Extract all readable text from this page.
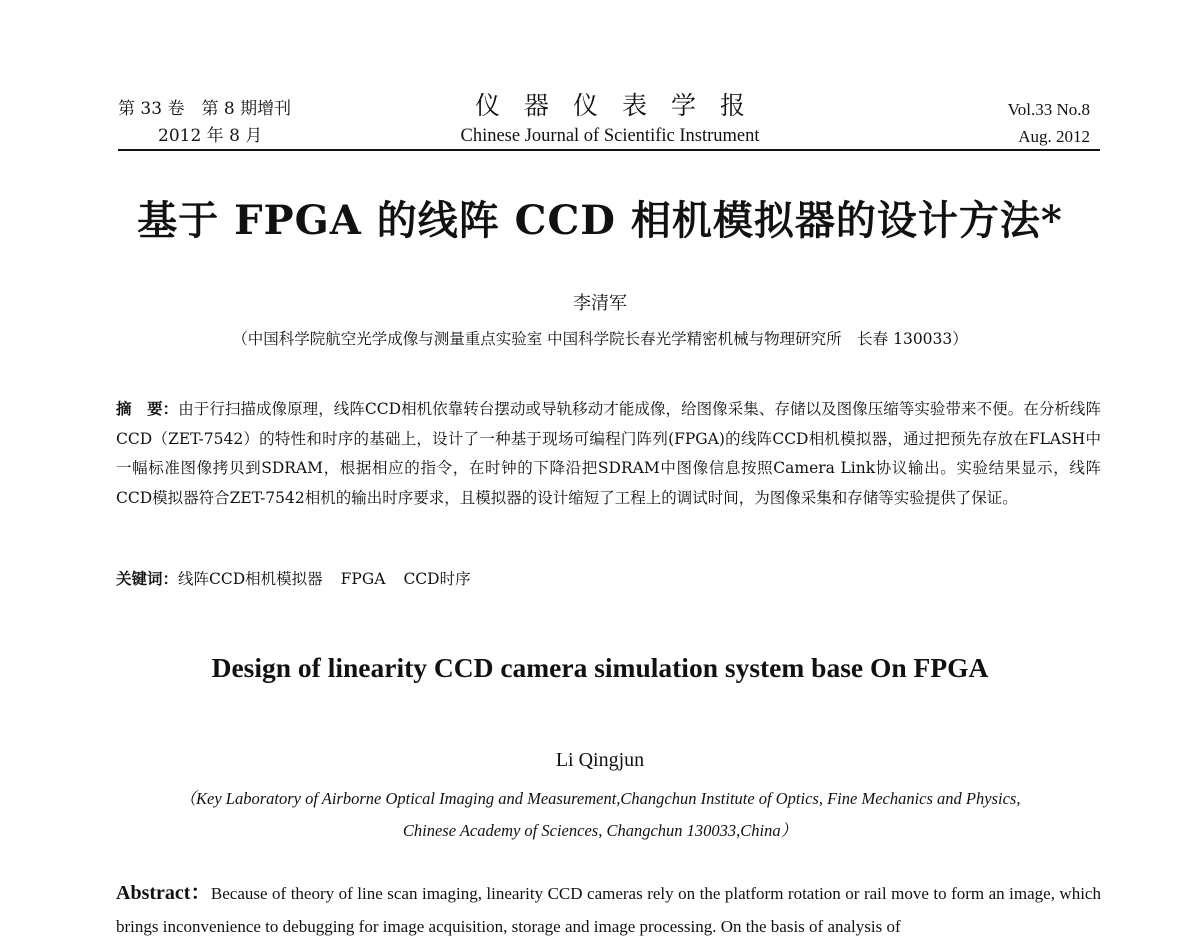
第 33 卷　第 8 期增刊
2012 年 8 月
仪器仪表学报
Chinese Journal of Scientific Instrument
Vol.33 No.8
Aug. 2012
基于 FPGA 的线阵 CCD 相机模拟器的设计方法*
李清军
（中国科学院航空光学成像与测量重点实验室 中国科学院长春光学精密机械与物理研究所　长春 130033）
摘　要：由于行扫描成像原理，线阵CCD相机依靠转台摆动或导轨移动才能成像，给图像采集、存储以及图像压缩等实验带来不便。在分析线阵CCD（ZET-7542）的特性和时序的基础上，设计了一种基于现场可编程门阵列(FPGA)的线阵CCD相机模拟器，通过把预先存放在FLASH中一幅标准图像拷贝到SDRAM，根据相应的指令，在时钟的下降沿把SDRAM中图像信息按照Camera Link协议输出。实验结果显示，线阵CCD模拟器符合ZET-7542相机的输出时序要求，且模拟器的设计缩短了工程上的调试时间，为图像采集和存储等实验提供了保证。
关键词：线阵CCD相机模拟器 FPGA CCD时序
Design of linearity CCD camera simulation system base On FPGA
Li Qingjun
（Key Laboratory of Airborne Optical Imaging and Measurement,Changchun Institute of Optics, Fine Mechanics and Physics,
Chinese Academy of Sciences, Changchun 130033,China）
Abstract：Because of theory of line scan imaging, linearity CCD cameras rely on the platform rotation or rail move to form an image, which brings inconvenience to debugging for image acquisition, storage and image processing. On the basis of analysis of
